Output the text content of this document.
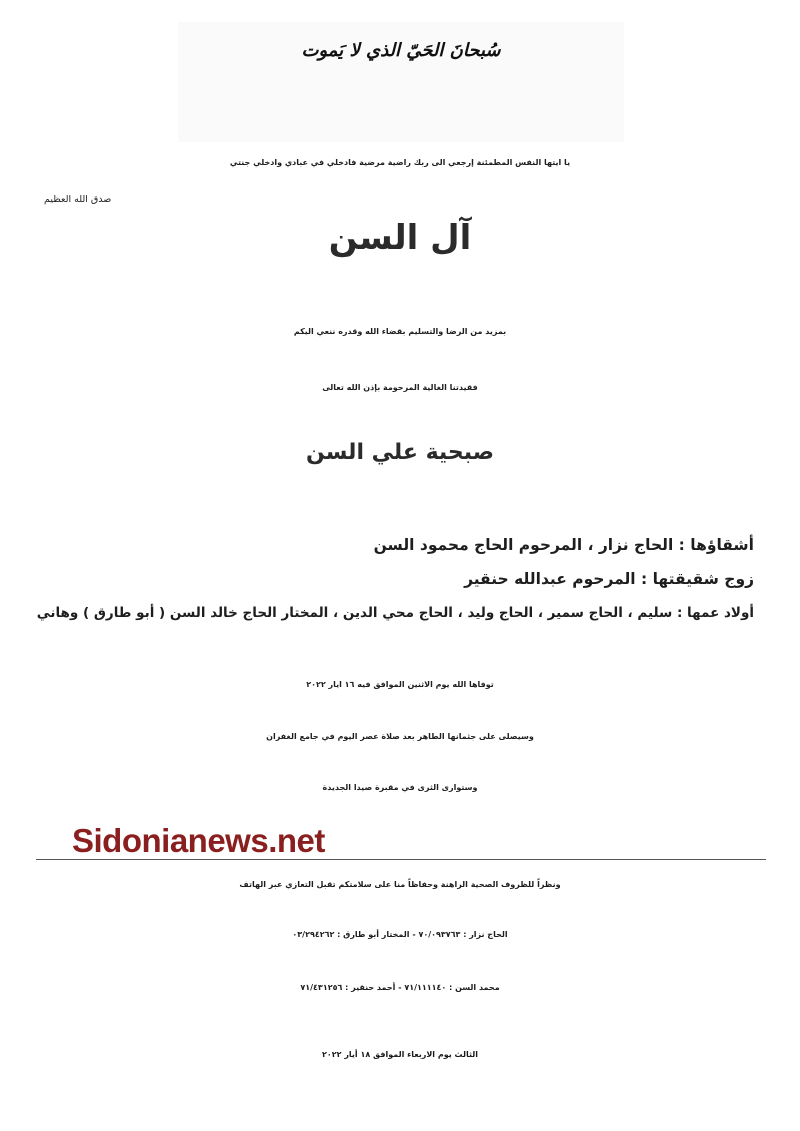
سُبحانَ الحَيّ الذي لا يَموت
يا ايتها النفس المطمئنة إرجعي الى ربك راضية مرضية فادخلي في عبادي وادخلي جنتي
صدق الله العظيم
آل السن
بمزيد من الرضا والتسليم بقضاء الله وقدره ننعي اليكم
فقيدتنا الغالية المرحومة بإذن الله تعالى
صبحية علي السن
أشقاؤها : الحاج نزار ، المرحوم الحاج محمود السن
زوج شقيقتها : المرحوم عبدالله حنقير
أولاد عمها : سليم ، الحاج سمير ، الحاج وليد ، الحاج محي الدين ، المختار الحاج خالد السن ( أبو طارق ) وهاني
توفاها الله يوم الاثنين الموافق فيه ١٦ ايار ٢٠٢٢
وسيصلى على جثمانها الطاهر بعد صلاة عصر اليوم في جامع الغفران
وستوارى الثرى في مقبرة صيدا الجديدة
Sidonianews.net
ونظراً للظروف الصحية الراهنة وحفاظاً منا على سلامتكم تقبل التعازي عبر الهاتف
الحاج نزار : ٧٠/٠٩٣٧٦٣ - المختار أبو طارق : ٠٣/٢٩٤٢٦٢
محمد السن : ٧١/١١١١٤٠ - أحمد حنقير : ٧١/٤٣١٢٥٦
الثالث يوم الاربعاء الموافق ١٨ أيار ٢٠٢٢
